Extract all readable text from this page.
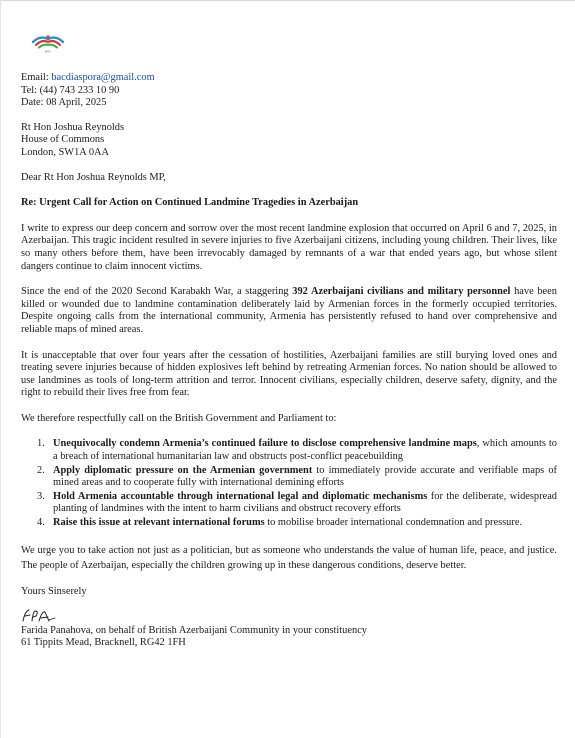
BAC
Email: bacdiaspora@gmail.com
Tel: (44) 743 233 10 90
Date: 08 April, 2025
Rt Hon Joshua Reynolds
House of Commons
London, SW1A 0AA
Dear Rt Hon Joshua Reynolds MP,
Re: Urgent Call for Action on Continued Landmine Tragedies in Azerbaijan

I write to express our deep concern and sorrow over the most recent landmine explosion that occurred on April 6 and 7, 2025, in Azerbaijan. This tragic incident resulted in severe injuries to five Azerbaijani citizens, including young children. Their lives, like so many others before them, have been irrevocably damaged by remnants of a war that ended years ago, but whose silent dangers continue to claim innocent victims.

Since the end of the 2020 Second Karabakh War, a staggering 392 Azerbaijani civilians and military personnel have been killed or wounded due to landmine contamination deliberately laid by Armenian forces in the formerly occupied territories. Despite ongoing calls from the international community, Armenia has persistently refused to hand over comprehensive and reliable maps of mined areas.

It is unacceptable that over four years after the cessation of hostilities, Azerbaijani families are still burying loved ones and treating severe injuries because of hidden explosives left behind by retreating Armenian forces. No nation should be allowed to use landmines as tools of long-term attrition and terror. Innocent civilians, especially children, deserve safety, dignity, and the right to rebuild their lives free from fear.

We therefore respectfully call on the British Government and Parliament to:

1. Unequivocally condemn Armenia’s continued failure to disclose comprehensive landmine maps, which amounts to a breach of international humanitarian law and obstructs post-conflict peacebuilding
2. Apply diplomatic pressure on the Armenian government to immediately provide accurate and verifiable maps of mined areas and to cooperate fully with international demining efforts
3. Hold Armenia accountable through international legal and diplomatic mechanisms for the deliberate, widespread planting of landmines with the intent to harm civilians and obstruct recovery efforts
4. Raise this issue at relevant international forums to mobilise broader international condemnation and pressure.

We urge you to take action not just as a politician, but as someone who understands the value of human life, peace, and justice. The people of Azerbaijan, especially the children growing up in these dangerous conditions, deserve better.

Yours Sinserely
Farida Panahova, on behalf of British Azerbaijani Community in your constituency
61 Tippits Mead, Bracknell, RG42 1FH
